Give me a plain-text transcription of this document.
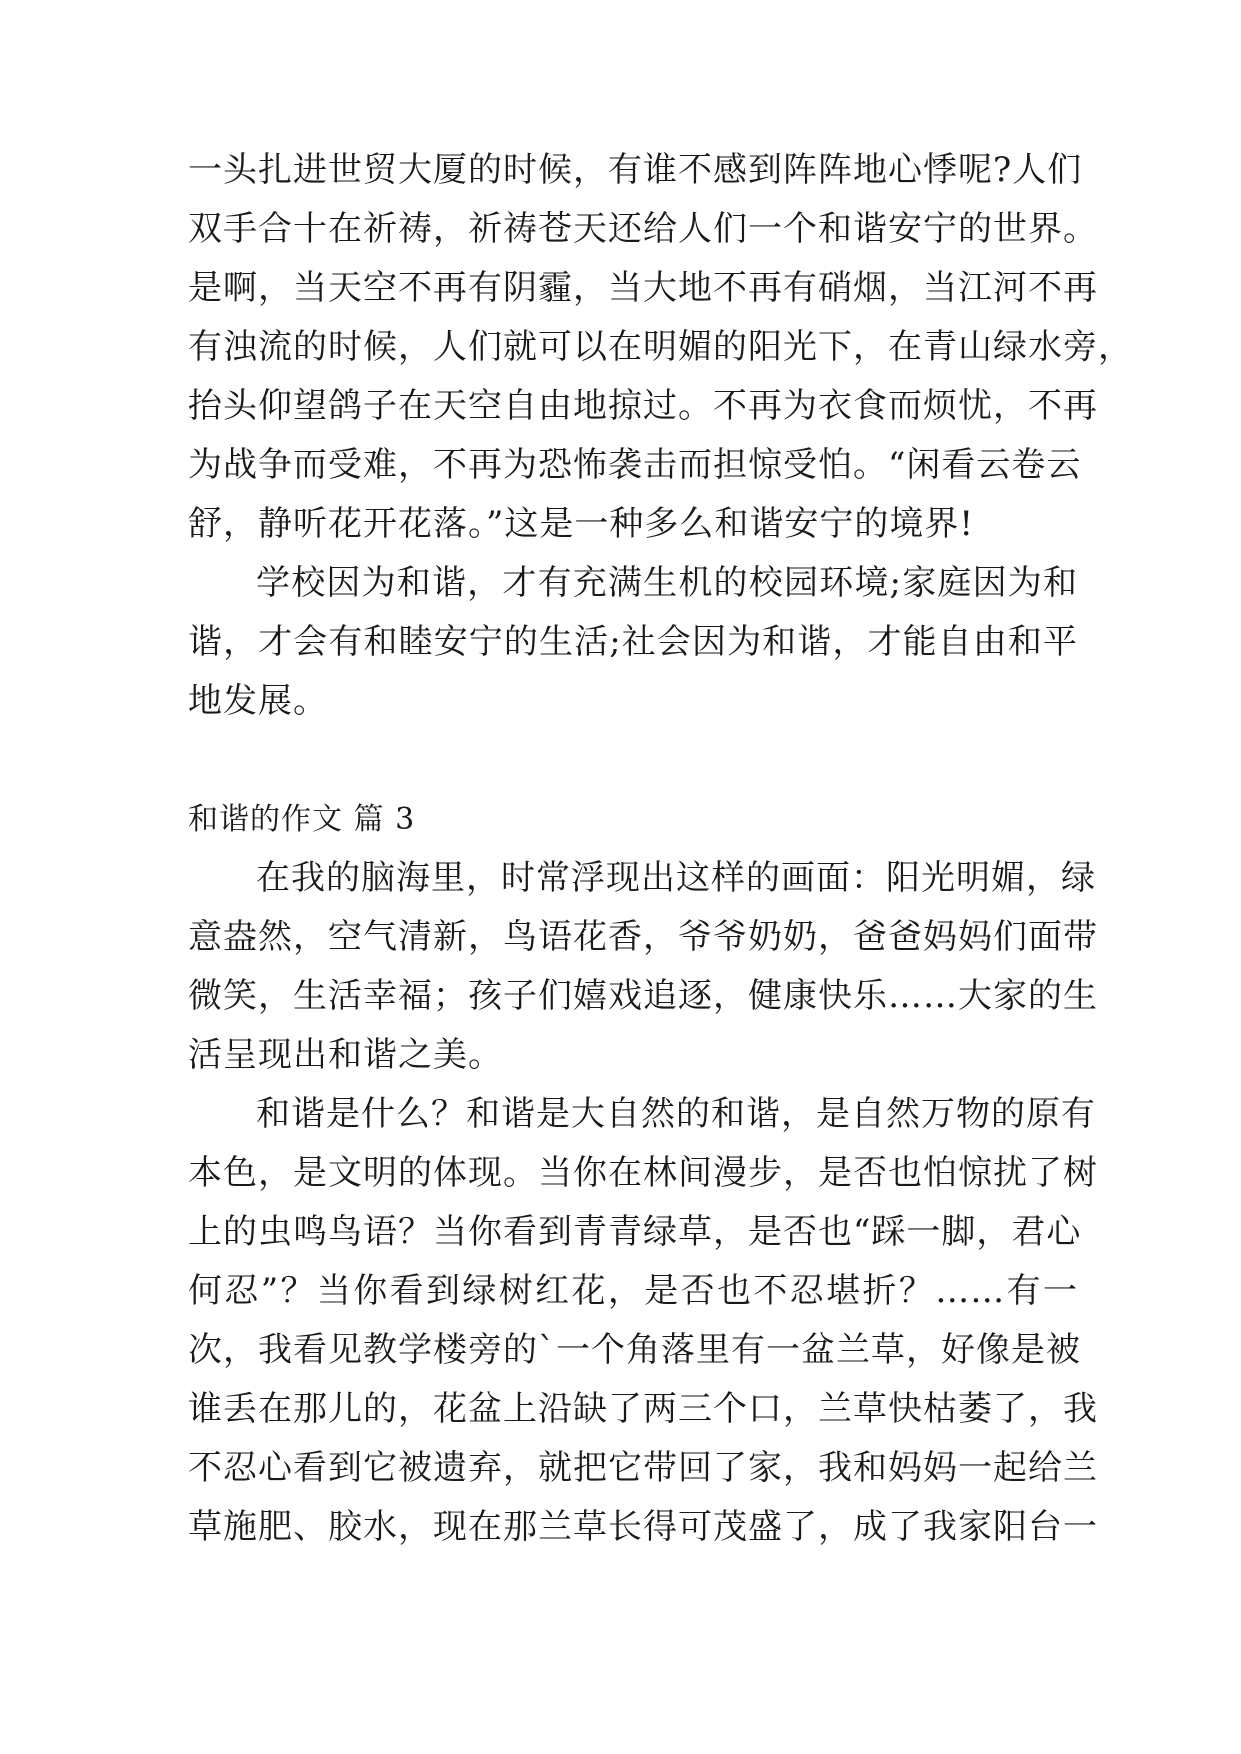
一头扎进世贸大厦的时候，有谁不感到阵阵地心悸呢?人们

双手合十在祈祷，祈祷苍天还给人们一个和谐安宁的世界。

是啊，当天空不再有阴霾，当大地不再有硝烟，当江河不再

有浊流的时候，人们就可以在明媚的阳光下，在青山绿水旁，

抬头仰望鸽子在天空自由地掠过。不再为衣食而烦忧，不再

为战争而受难，不再为恐怖袭击而担惊受怕。“闲看云卷云

舒，静听花开花落。”这是一种多么和谐安宁的境界!

学校因为和谐，才有充满生机的校园环境;家庭因为和

谐，才会有和睦安宁的生活;社会因为和谐，才能自由和平

地发展。

和谐的作文 篇 3

在我的脑海里，时常浮现出这样的画面：阳光明媚，绿

意盎然，空气清新，鸟语花香，爷爷奶奶，爸爸妈妈们面带

微笑，生活幸福；孩子们嬉戏追逐，健康快乐……大家的生

活呈现出和谐之美。

和谐是什么？和谐是大自然的和谐，是自然万物的原有

本色，是文明的体现。当你在林间漫步，是否也怕惊扰了树

上的虫鸣鸟语？当你看到青青绿草，是否也“踩一脚，君心

何忍”？当你看到绿树红花，是否也不忍堪折？……有一

次，我看见教学楼旁的`一个角落里有一盆兰草，好像是被

谁丢在那儿的，花盆上沿缺了两三个口，兰草快枯萎了，我

不忍心看到它被遗弃，就把它带回了家，我和妈妈一起给兰

草施肥、胶水，现在那兰草长得可茂盛了，成了我家阳台一
